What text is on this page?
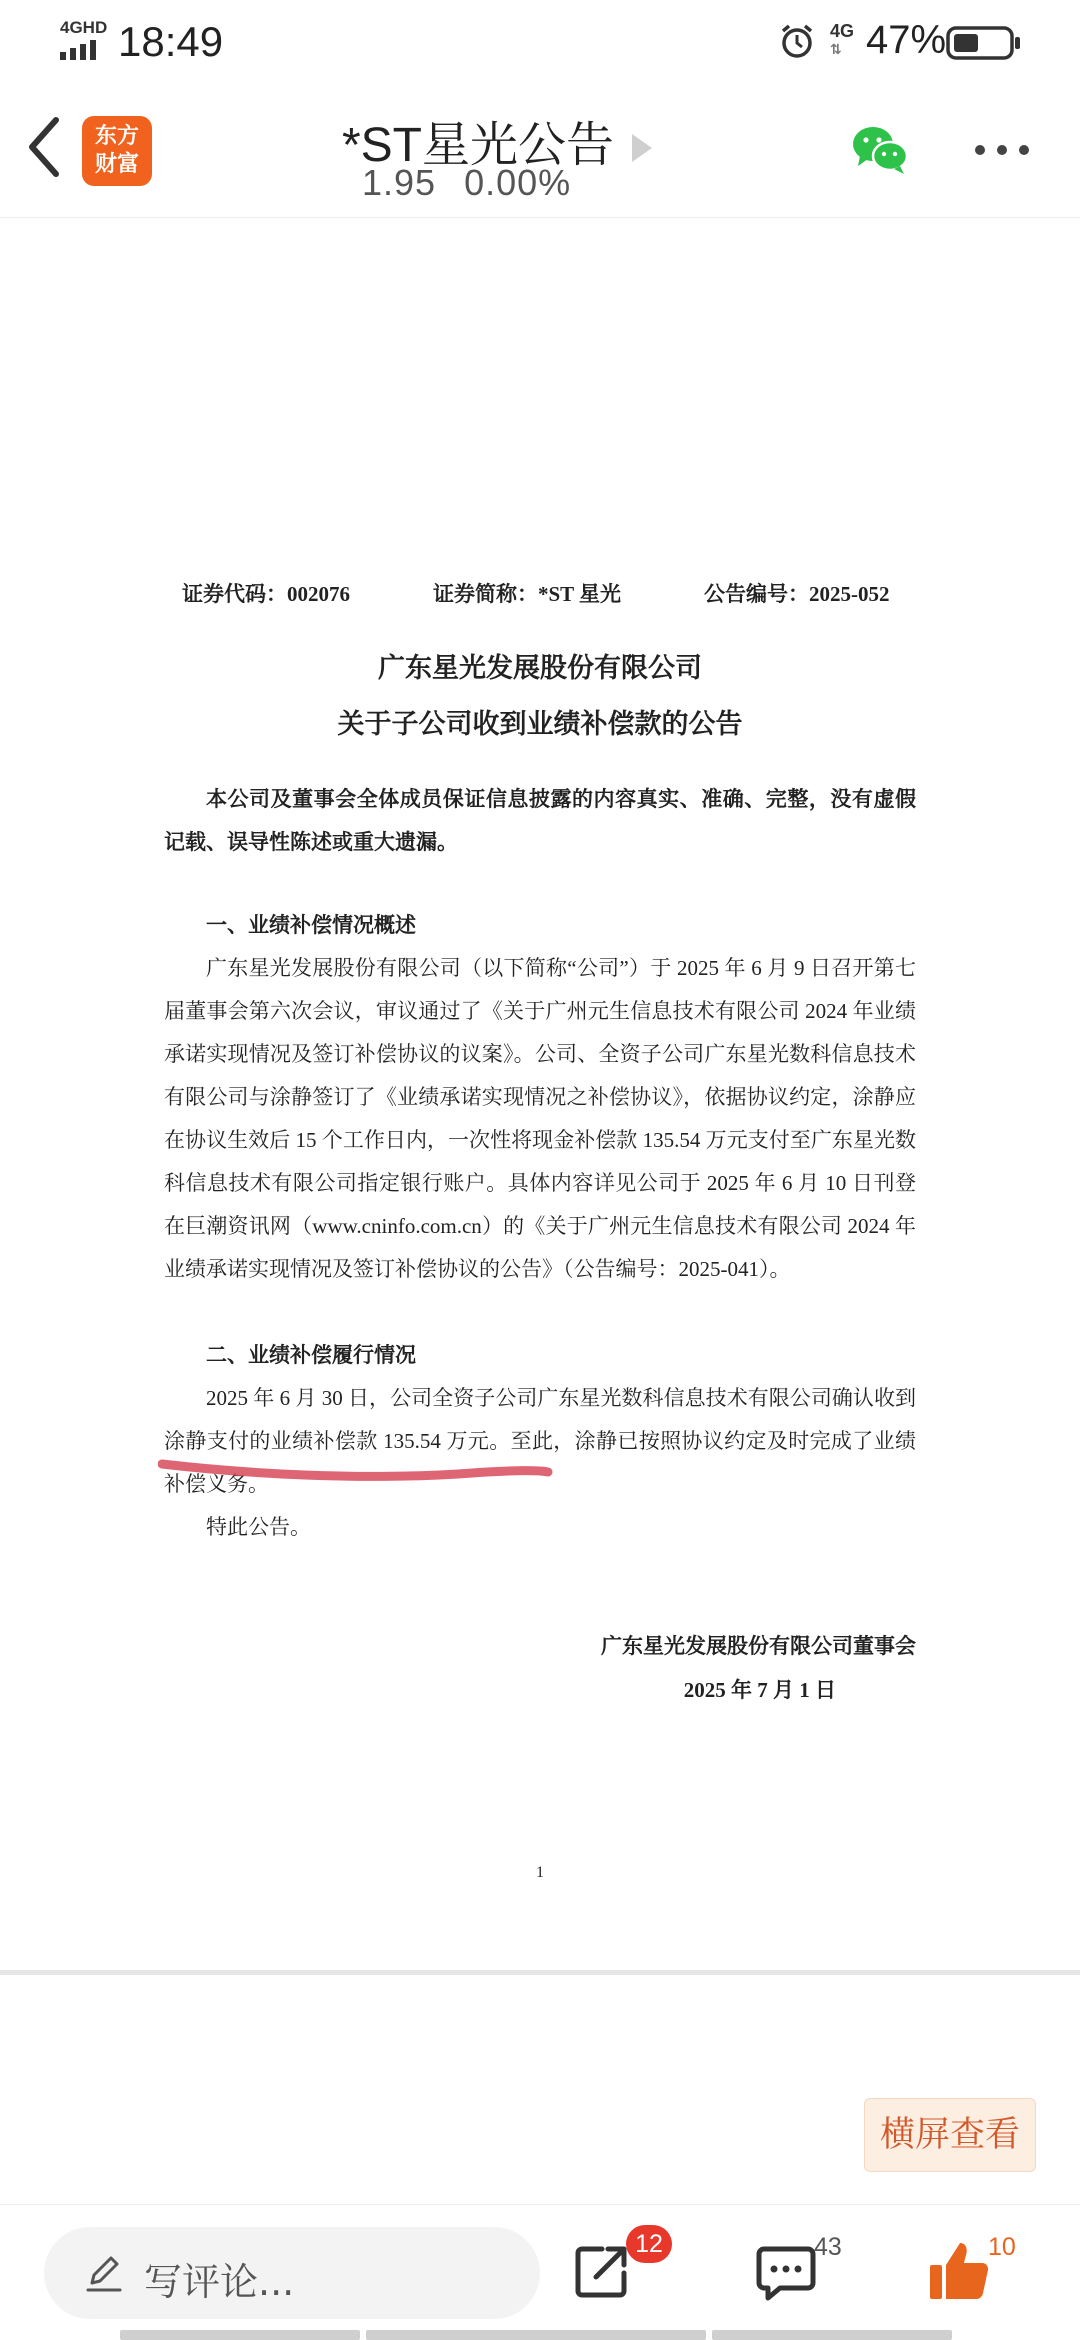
4GHD 18:49	4G
⇅ 47%
东方
财富	*ST星光公告
1.95 0.00%
证券代码：002076	证券简称：*ST 星光	公告编号：2025-052
广东星光发展股份有限公司
关于子公司收到业绩补偿款的公告
本公司及董事会全体成员保证信息披露的内容真实、准确、完整，没有虚假记载、误导性陈述或重大遗漏。
一、业绩补偿情况概述
广东星光发展股份有限公司（以下简称“公司”）于 2025 年 6 月 9 日召开第七届董事会第六次会议，审议通过了《关于广州元生信息技术有限公司 2024 年业绩承诺实现情况及签订补偿协议的议案》。公司、全资子公司广东星光数科信息技术有限公司与涂静签订了《业绩承诺实现情况之补偿协议》，依据协议约定，涂静应在协议生效后 15 个工作日内，一次性将现金补偿款 135.54 万元支付至广东星光数科信息技术有限公司指定银行账户。具体内容详见公司于 2025 年 6 月 10 日刊登在巨潮资讯网（www.cninfo.com.cn）的《关于广州元生信息技术有限公司 2024 年业绩承诺实现情况及签订补偿协议的公告》（公告编号：2025-041）。
二、业绩补偿履行情况
2025 年 6 月 30 日，公司全资子公司广东星光数科信息技术有限公司确认收到涂静支付的业绩补偿款 135.54 万元。至此，涂静已按照协议约定及时完成了业绩补偿义务。
特此公告。
广东星光发展股份有限公司董事会
2025 年 7 月 1 日
1
横屏查看
写评论...
12	43	10
